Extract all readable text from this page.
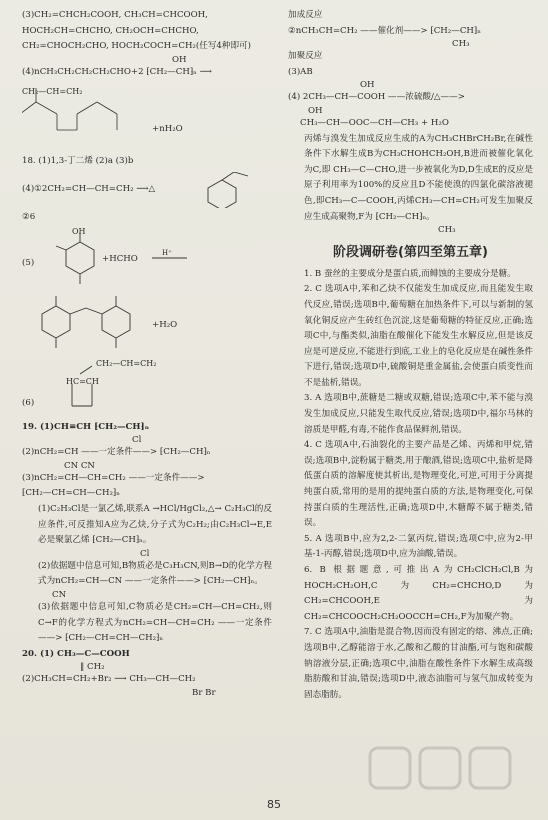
(3)CH₂=CHCH₂COOH, CH₃CH=CHCOOH,
HOCH₂CH=CHCHO, CH₂OCH=CHCHO,
CH₂=CHOCH₂CHO, HOCH₂COCH=CH₂(任写4种即可)
OH
(4)nCH₃CH₂CH₂CH₂CHO+2 ⁅CH₂—CH⁆ₙ ⟶
CH₂—CH=CH₂
+nH₂O
18. (1)1,3-丁二烯 (2)a (3)b
(4)①2CH₂=CH—CH=CH₂ ⟶△
②6
(5)
OH
+HCHO
H⁺
+H₂O
CH₂—CH=CH₂
HC=CH
(6)
19. (1)CH≡CH ⁅CH₂—CH⁆ₙ
Cl
(2)nCH₂=CH ——一定条件——> ⁅CH₂—CH⁆ₙ
CN CN
(3)nCH₂=CH—CH=CH₂ ——一定条件——>
⁅CH₂—CH=CH—CH₂⁆ₙ
(1)C₂H₃Cl是一氯乙烯,联系A →HCl/HgCl₂,△→ C₂H₃Cl的反应条件,可反推知A应为乙炔,分子式为C₂H₂;由C₂H₃Cl→E,E必是聚氯乙烯 ⁅CH₂—CH⁆ₙ。
Cl
(2)依据题中信息可知,B物质必是C₃H₃CN,则B→D的化学方程式为nCH₂=CH—CN ——一定条件——> ⁅CH₂—CH⁆ₙ。
CN
(3)依据题中信息可知,C物质必是CH₂=CH—CH=CH₂,则C→F的化学方程式为nCH₂=CH—CH=CH₂ ——一定条件——> ⁅CH₂—CH=CH—CH₂⁆ₙ
20. (1) CH₃—C—COOH
‖ CH₂
(2)CH₃CH=CH₂+Br₂ ⟶ CH₃—CH—CH₂
Br Br
加成反应
②nCH₃CH=CH₂ ——催化剂——> ⁅CH₂—CH⁆ₙ
CH₃
加聚反应
(3)AB
OH
(4) 2CH₃—CH—COOH ——浓硫酸/△——>
OH
CH₃—CH—OOC—CH—CH₃ + H₂O
丙烯与溴发生加成反应生成的A为CH₃CHBrCH₂Br,在碱性条件下水解生成B为CH₃CHOHCH₂OH,B进而被催化氧化为C,即 CH₃—C—CHO,进一步被氧化为D,D生成E的反应是原子利用率为100%的反应且D不能使溴的四氯化碳溶液褪色,即CH₃—C—COOH,丙烯CH₃—CH=CH₂可发生加聚反应生成高聚物,F为 ⁅CH₂—CH⁆ₙ。
CH₃
阶段调研卷(第四至第五章)
1. B 蚕丝的主要成分是蛋白质,而鲱蚀的主要成分是糖。
2. C 选项A中,苯和乙炔不仅能发生加成反应,而且能发生取代反应,错误;选项B中,葡萄糖在加热条件下,可以与新制的氢氧化铜反应产生砖红色沉淀,这是葡萄糖的特征反应,正确;选项C中,与酯类似,油脂在酸催化下能发生水解反应,但是该反应是可逆反应,不能进行到底,工业上的皂化反应是在碱性条件下进行,错误;选项D中,硫酸铜是重金属盐,会使蛋白质变性而不是盐析,错误。
3. A 选项B中,蔗糖是二糖或双糖,错误;选项C中,苯不能与溴发生加成反应,只能发生取代反应,错误;选项D中,福尔马林的溶质是甲醛,有毒,不能作食品保鲜剂,错误。
4. C 选项A中,石油裂化的主要产品是乙烯、丙烯和甲烷,错误;选项B中,淀粉属于糖类,用于酿酒,错误;选项C中,盐析是降低蛋白质的溶解度使其析出,是物理变化,可逆,可用于分离提纯蛋白质,常用的是用的提纯蛋白质的方法,是物理变化,可保持蛋白质的生理活性,正确;选项D中,木糖醇不属于糖类,错误。
5. A 选项B中,应为2,2-二氯丙烷,错误;选项C中,应为2-甲基-1-丙醇,错误;选项D中,应为油酸,错误。
6. B 根据题意,可推出A为CH₂ClCH₂Cl,B为HOCH₂CH₂OH,C为CH₂=CHCHO,D为CH₂=CHCOOH,E为CH₂=CHCOOCH₂CH₂OOCCH=CH₂,F为加聚产物。
7. C 选项A中,油脂是混合物,因而没有固定的熔、沸点,正确;选项B中,乙醇能溶于水,乙酸和乙酸的甘油酯,可与饱和碳酸钠溶液分层,正确;选项C中,油脂在酸性条件下水解生成高级脂肪酸和甘油,错误;选项D中,液态油脂可与氢气加成转变为固态脂肪。
85
